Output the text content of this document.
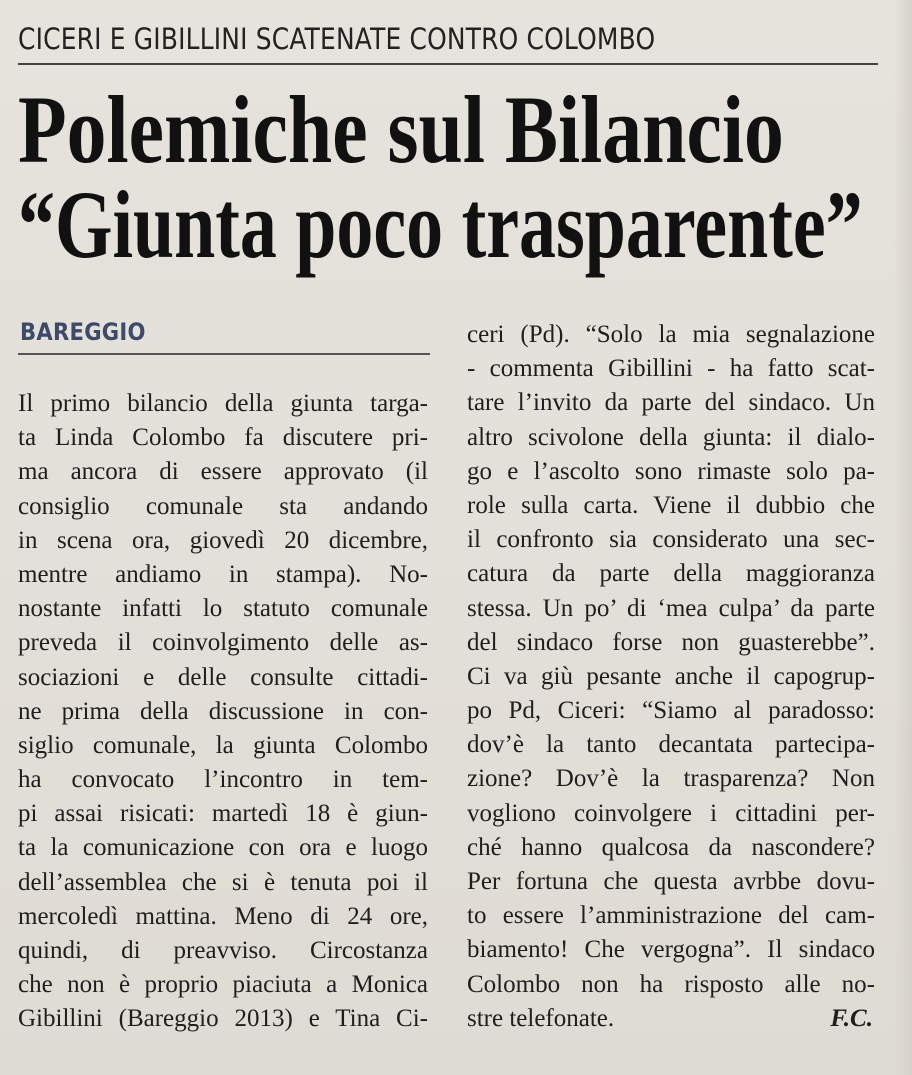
CICERI E GIBILLINI SCATENATE CONTRO COLOMBO
Polemiche sul Bilancio
“Giunta poco trasparente”
BAREGGIO
Il primo bilancio della giunta targa-
ta Linda Colombo fa discutere pri-
ma ancora di essere approvato (il
consiglio comunale sta andando
in scena ora, giovedì 20 dicembre,
mentre andiamo in stampa). No-
nostante infatti lo statuto comunale
preveda il coinvolgimento delle as-
sociazioni e delle consulte cittadi-
ne prima della discussione in con-
siglio comunale, la giunta Colombo
ha convocato l’incontro in tem-
pi assai risicati: martedì 18 è giun-
ta la comunicazione con ora e luogo
dell’assemblea che si è tenuta poi il
mercoledì mattina. Meno di 24 ore,
quindi, di preavviso. Circostanza
che non è proprio piaciuta a Monica
Gibillini (Bareggio 2013) e Tina Ci-
ceri (Pd). “Solo la mia segnalazione
- commenta Gibillini - ha fatto scat-
tare l’invito da parte del sindaco. Un
altro scivolone della giunta: il dialo-
go e l’ascolto sono rimaste solo pa-
role sulla carta. Viene il dubbio che
il confronto sia considerato una sec-
catura da parte della maggioranza
stessa. Un po’ di ‘mea culpa’ da parte
del sindaco forse non guasterebbe”.
Ci va giù pesante anche il capogrup-
po Pd, Ciceri: “Siamo al paradosso:
dov’è la tanto decantata partecipa-
zione? Dov’è la trasparenza? Non
vogliono coinvolgere i cittadini per-
ché hanno qualcosa da nascondere?
Per fortuna che questa avrbbe dovu-
to essere l’amministrazione del cam-
biamento! Che vergogna”. Il sindaco
Colombo non ha risposto alle no-
stre telefonate.	F.C.
